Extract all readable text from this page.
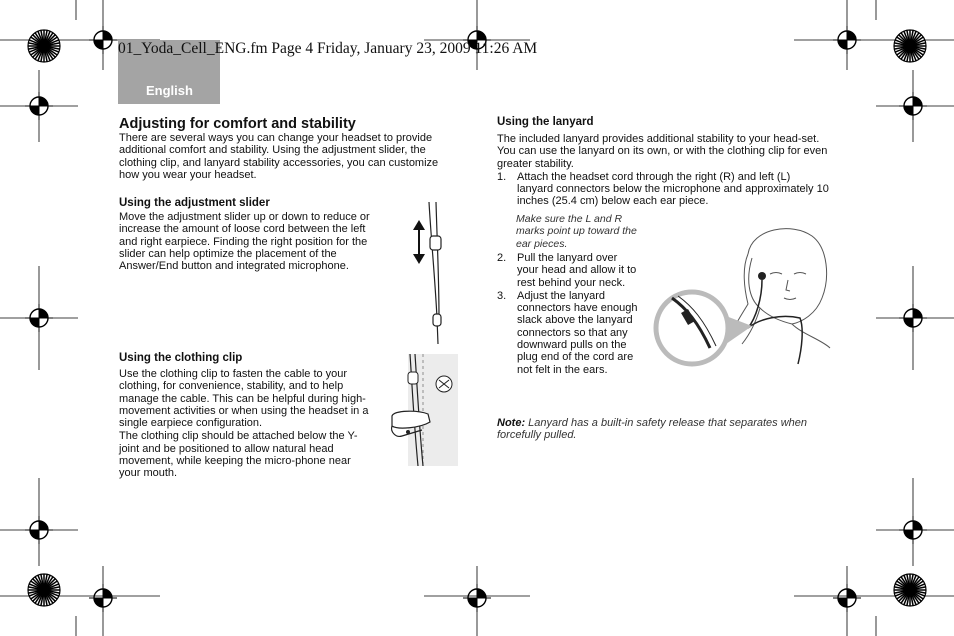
01_Yoda_Cell_ENG.fm Page 4 Friday, January 23, 2009 11:26 AM
English
Adjusting for comfort and stability

There are several ways you can change your headset to provide additional comfort and stability. Using the adjustment slider, the clothing clip, and lanyard stability accessories, you can customize how you wear your headset.

Using the adjustment slider

Move the adjustment slider up or down to reduce or increase the amount of loose cord between the left and right earpiece. Finding the right position for the slider can help optimize the placement of the Answer/End button and integrated microphone.

Using the clothing clip

Use the clothing clip to fasten the cable to your clothing, for convenience, stability, and to help manage the cable. This can be helpful during high-movement activities or when using the headset in a single earpiece configuration.

The clothing clip should be attached below the Y-joint and be positioned to allow natural head movement, while keeping the micro-phone near your mouth.

Using the lanyard

The included lanyard provides additional stability to your head-set. You can use the lanyard on its own, or with the clothing clip for even greater stability.

1. Attach the headset cord through the right (R) and left (L) lanyard connectors below the microphone and approximately 10 inches (25.4 cm) below each ear piece.
Make sure the L and R marks point up toward the ear pieces.
2. Pull the lanyard over your head and allow it to rest behind your neck.
3. Adjust the lanyard connectors have enough slack above the lanyard connectors so that any downward pulls on the plug end of the cord are not felt in the ears.
Note: Lanyard has a built-in safety release that separates when forcefully pulled.
